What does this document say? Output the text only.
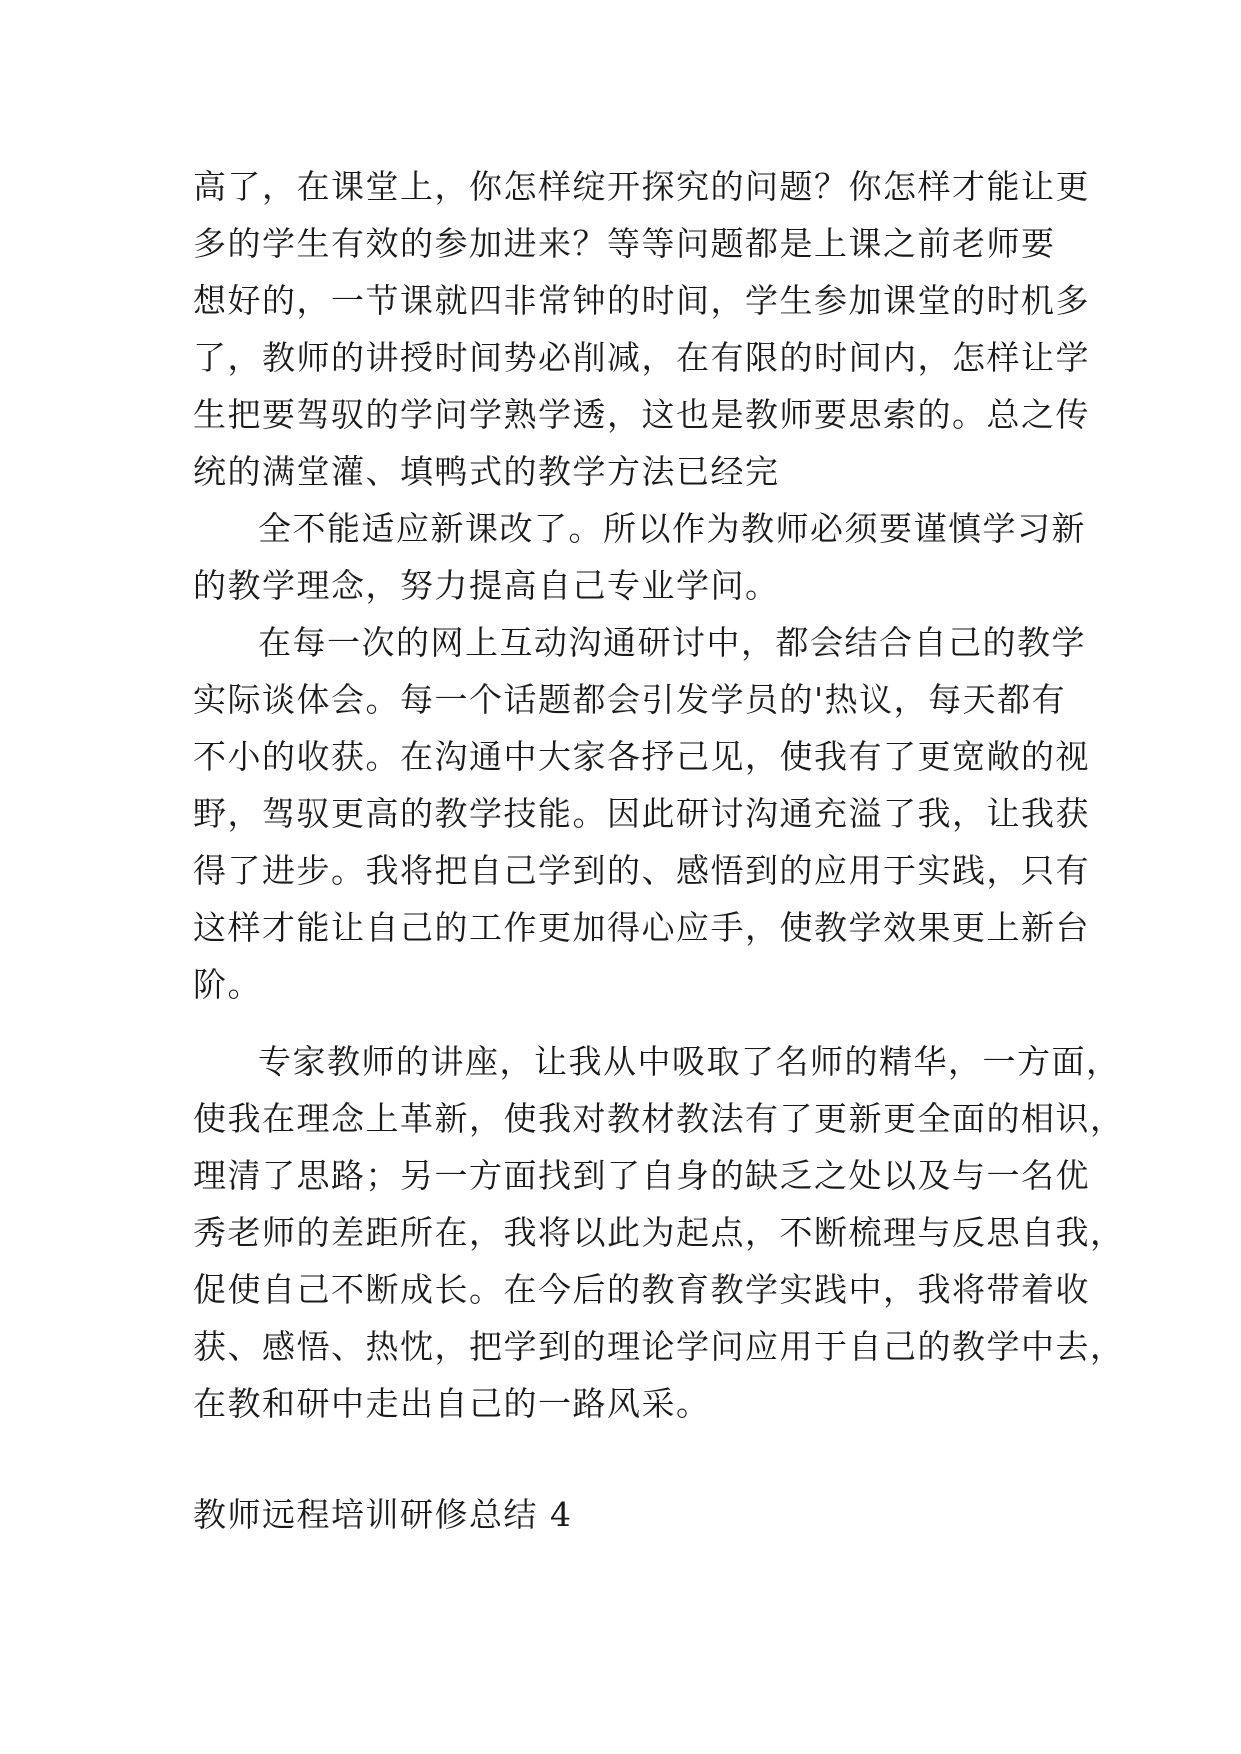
高了，在课堂上，你怎样绽开探究的问题？你怎样才能让更
多的学生有效的参加进来？等等问题都是上课之前老师要
想好的，一节课就四非常钟的时间，学生参加课堂的时机多
了，教师的讲授时间势必削减，在有限的时间内，怎样让学
生把要驾驭的学问学熟学透，这也是教师要思索的。总之传
统的满堂灌、填鸭式的教学方法已经完
全不能适应新课改了。所以作为教师必须要谨慎学习新
的教学理念，努力提高自己专业学问。
在每一次的网上互动沟通研讨中，都会结合自己的教学
实际谈体会。每一个话题都会引发学员的'热议，每天都有
不小的收获。在沟通中大家各抒己见，使我有了更宽敞的视
野，驾驭更高的教学技能。因此研讨沟通充溢了我，让我获
得了进步。我将把自己学到的、感悟到的应用于实践，只有
这样才能让自己的工作更加得心应手，使教学效果更上新台
阶。
专家教师的讲座，让我从中吸取了名师的精华，一方面，
使我在理念上革新，使我对教材教法有了更新更全面的相识，
理清了思路；另一方面找到了自身的缺乏之处以及与一名优
秀老师的差距所在，我将以此为起点，不断梳理与反思自我，
促使自己不断成长。在今后的教育教学实践中，我将带着收
获、感悟、热忱，把学到的理论学问应用于自己的教学中去，
在教和研中走出自己的一路风采。
教师远程培训研修总结 4
